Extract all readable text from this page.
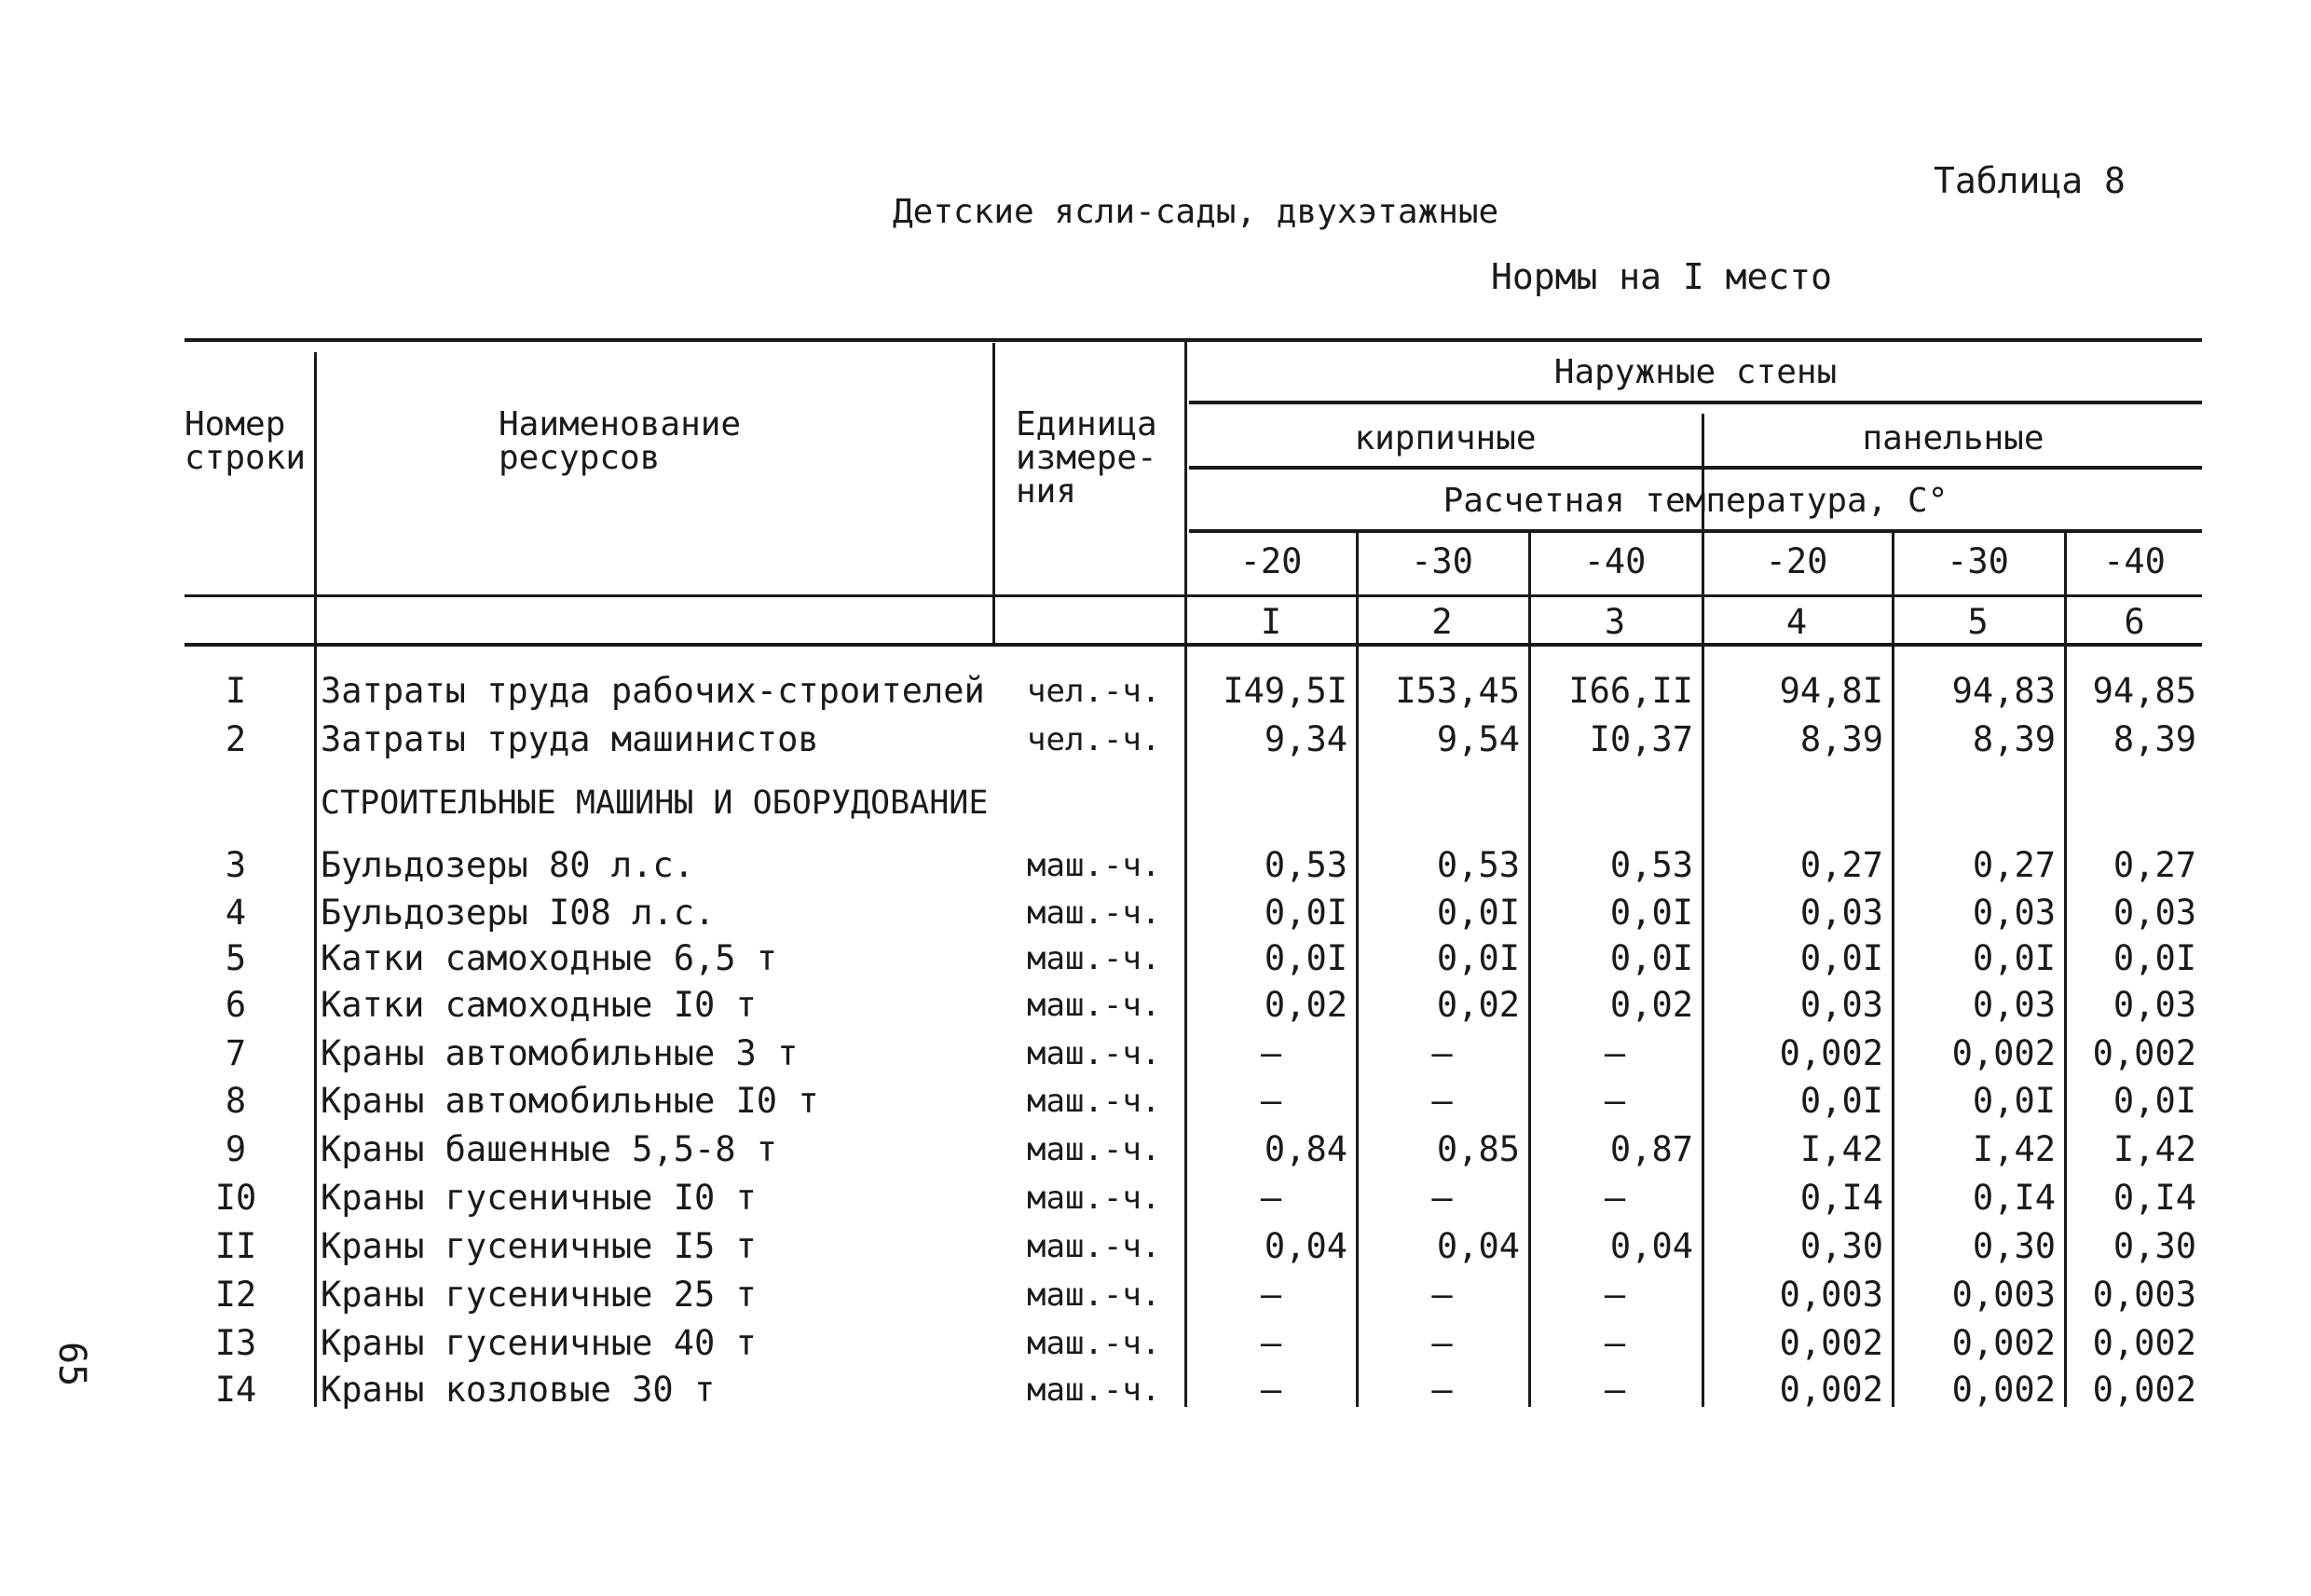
Таблица 8
Детские ясли-сады, двухэтажные
Нормы на I место
65
Номер строки
Наименование ресурсов
Единица измере-ния
Наружные стены
кирпичные	панельные
Расчетная температура, С°
-20	-30	-40	-20	-30	-40
I	2	3	4	5	6
I	Затраты труда рабочих-строителей чел.-ч.	I49,5I	I53,45	I66,II	94,8I	94,83	94,85
2	Затраты труда машинистов	чел.-ч.	9,34	9,54	I0,37	8,39	8,39	8,39
СТРОИТЕЛЬНЫЕ МАШИНЫ И ОБОРУДОВАНИЕ
3	Бульдозеры 80 л.с.	маш.-ч.	0,53	0,53	0,53	0,27	0,27	0,27
4	Бульдозеры I08 л.с.	маш.-ч.	0,0I	0,0I	0,0I	0,03	0,03	0,03
5	Катки самоходные 6,5 т	маш.-ч.	0,0I	0,0I	0,0I	0,0I	0,0I	0,0I
6	Катки самоходные I0 т	маш.-ч.	0,02	0,02	0,02	0,03	0,03	0,03
7	Краны автомобильные 3 т	маш.-ч.	–	–	–	0,002	0,002	0,002
8	Краны автомобильные I0 т	маш.-ч.	–	–	–	0,0I	0,0I	0,0I
9	Краны башенные 5,5-8 т	маш.-ч.	0,84	0,85	0,87	I,42	I,42	I,42
I0	Краны гусеничные I0 т	маш.-ч.	–	–	–	0,I4	0,I4	0,I4
II	Краны гусеничные I5 т	маш.-ч.	0,04	0,04	0,04	0,30	0,30	0,30
I2	Краны гусеничные 25 т	маш.-ч.	–	–	–	0,003	0,003	0,003
I3	Краны гусеничные 40 т	маш.-ч.	–	–	–	0,002	0,002	0,002
I4	Краны козловые 30 т	маш.-ч.	–	–	–	0,002	0,002	0,002
